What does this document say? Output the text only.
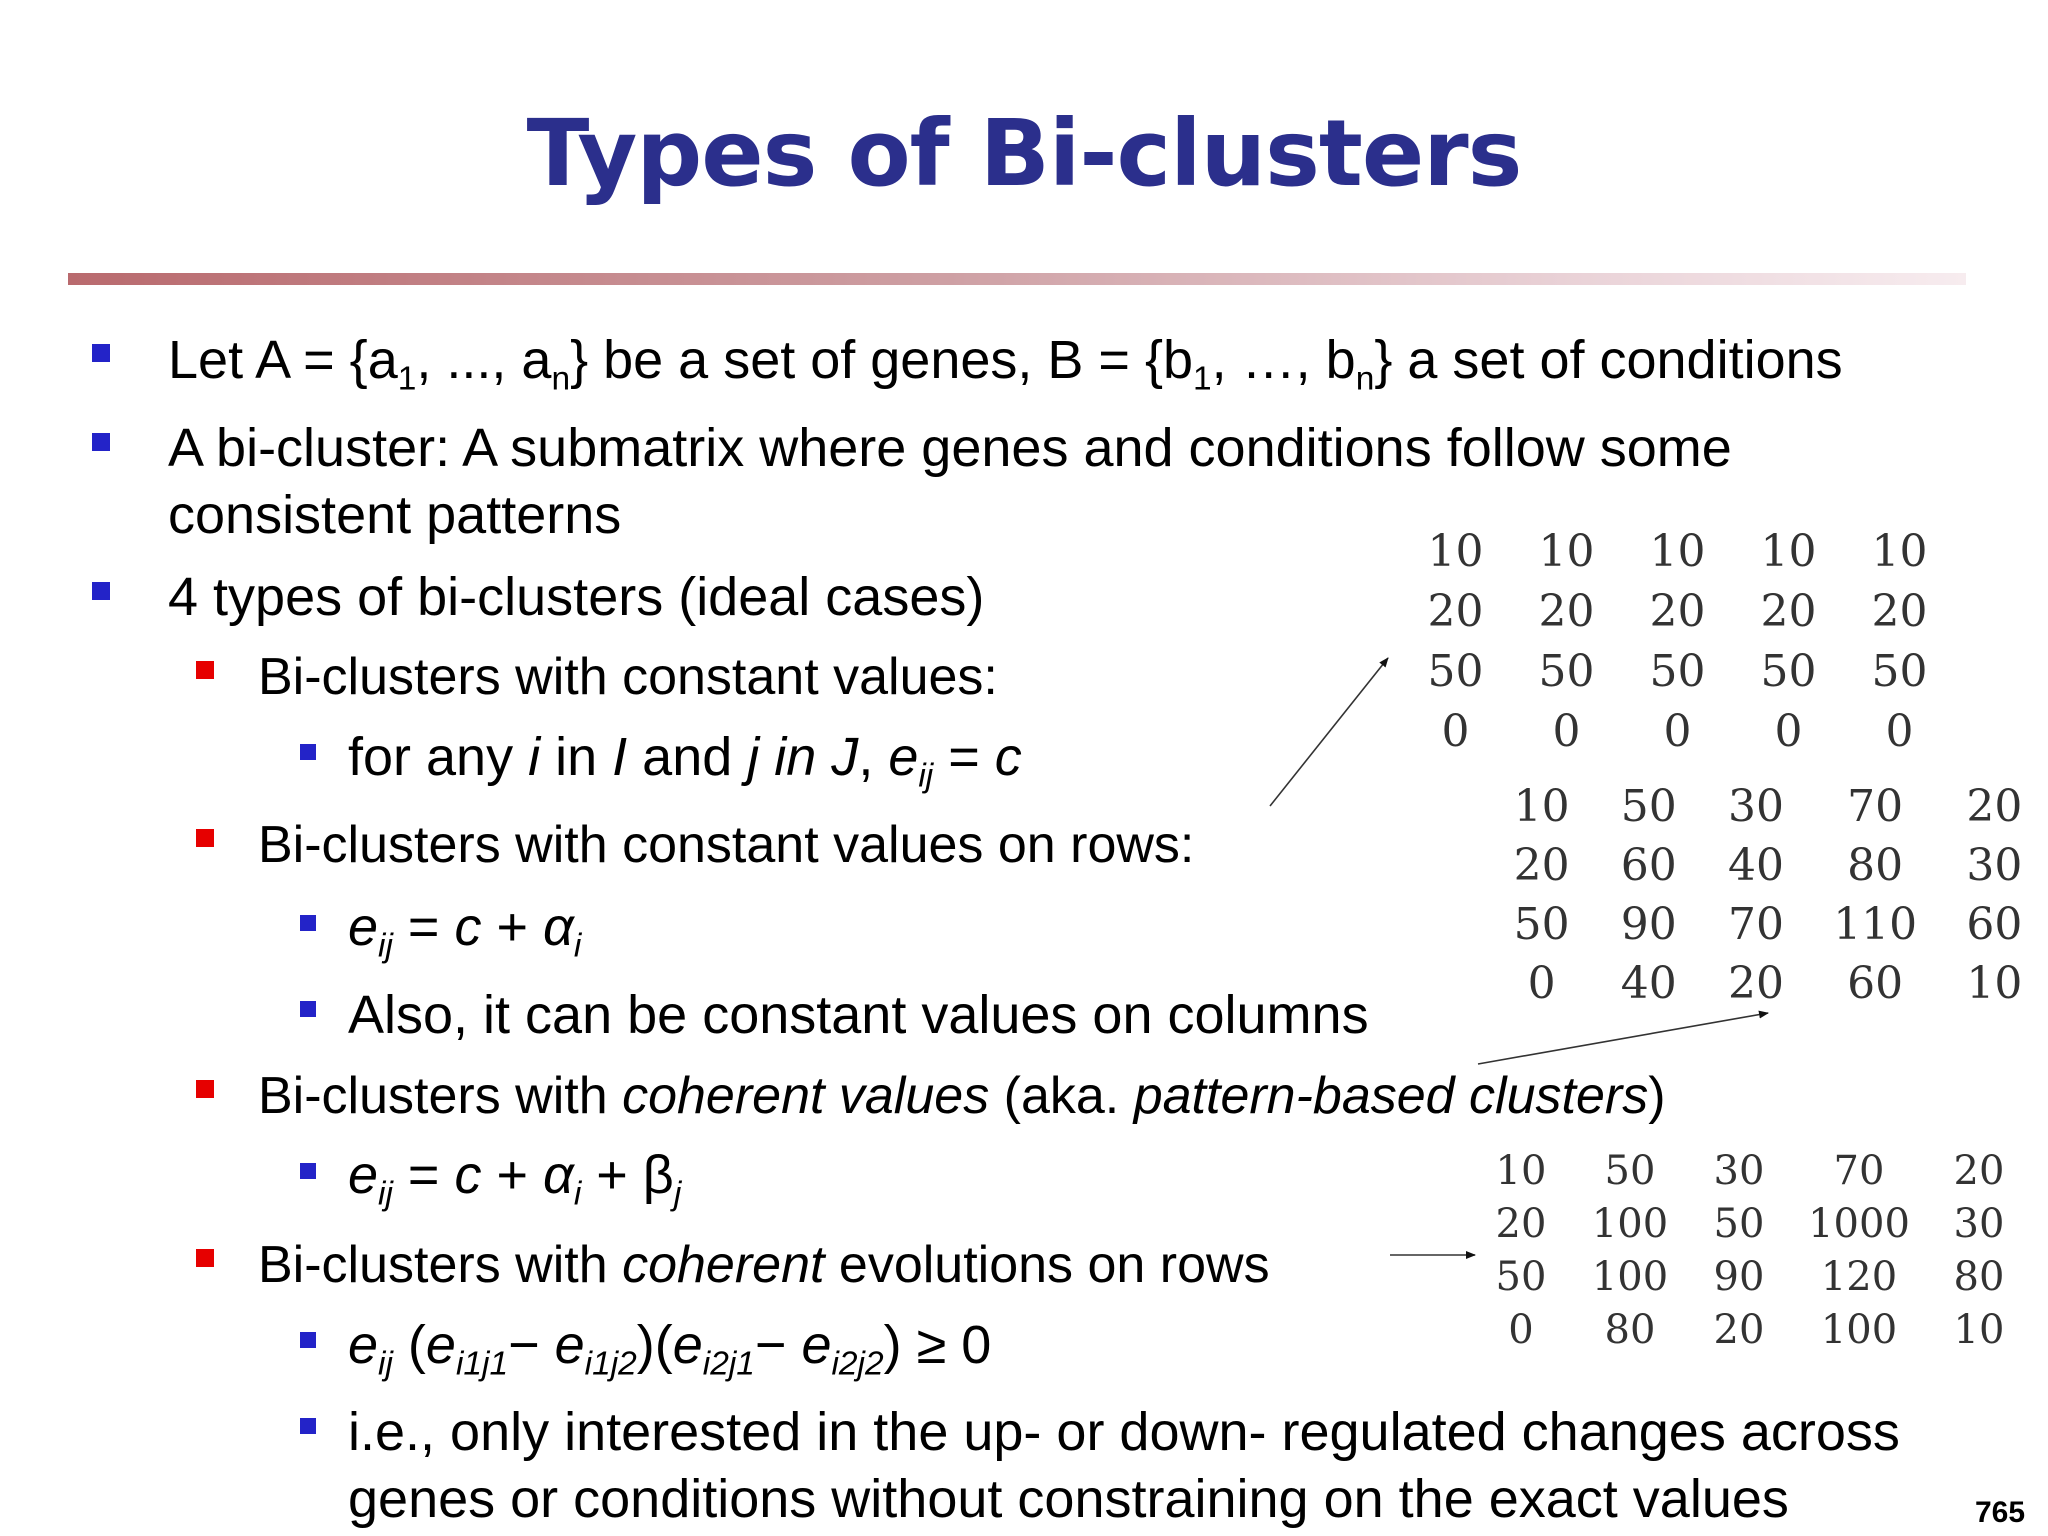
Types of Bi-clusters
Let $A = \{a_1$, ..., $a_n$} be a set of genes, $B = \{b_1$, …, $b_n$} a set of conditions
A bi-cluster: A submatrix where genes and conditions follow some
consistent patterns
4 types of bi-clusters (ideal cases)
Bi-clusters with constant values:
for any i in I and j in J, $e_{ij} = c$
Bi-clusters with constant values on rows:
$e_{ij} = c + \alpha_i$
Also, it can be constant values on columns
Bi-clusters with coherent values (aka. pattern-based clusters)
$e_{ij} = c + \alpha_i + \beta_j$
Bi-clusters with coherent evolutions on rows
$e_{ij}$ $(e_{i1j1}- e_{i1j2})(e_{i2j1}- e_{i2j2}) \ge 0$
i.e., only interested in the up- or down- regulated changes across
genes or conditions without constraining on the exact values
10	10	10	10	10
20	20	20	20	20
50	50	50	50	50
0	0	0	0	0
10	50	30	70	20
20	60	40	80	30
50	90	70	110	60
0	40	20	60	10
10	50	30	70	20
20	100	50	1000	30
50	100	90	120	80
0	80	20	100	10
765
